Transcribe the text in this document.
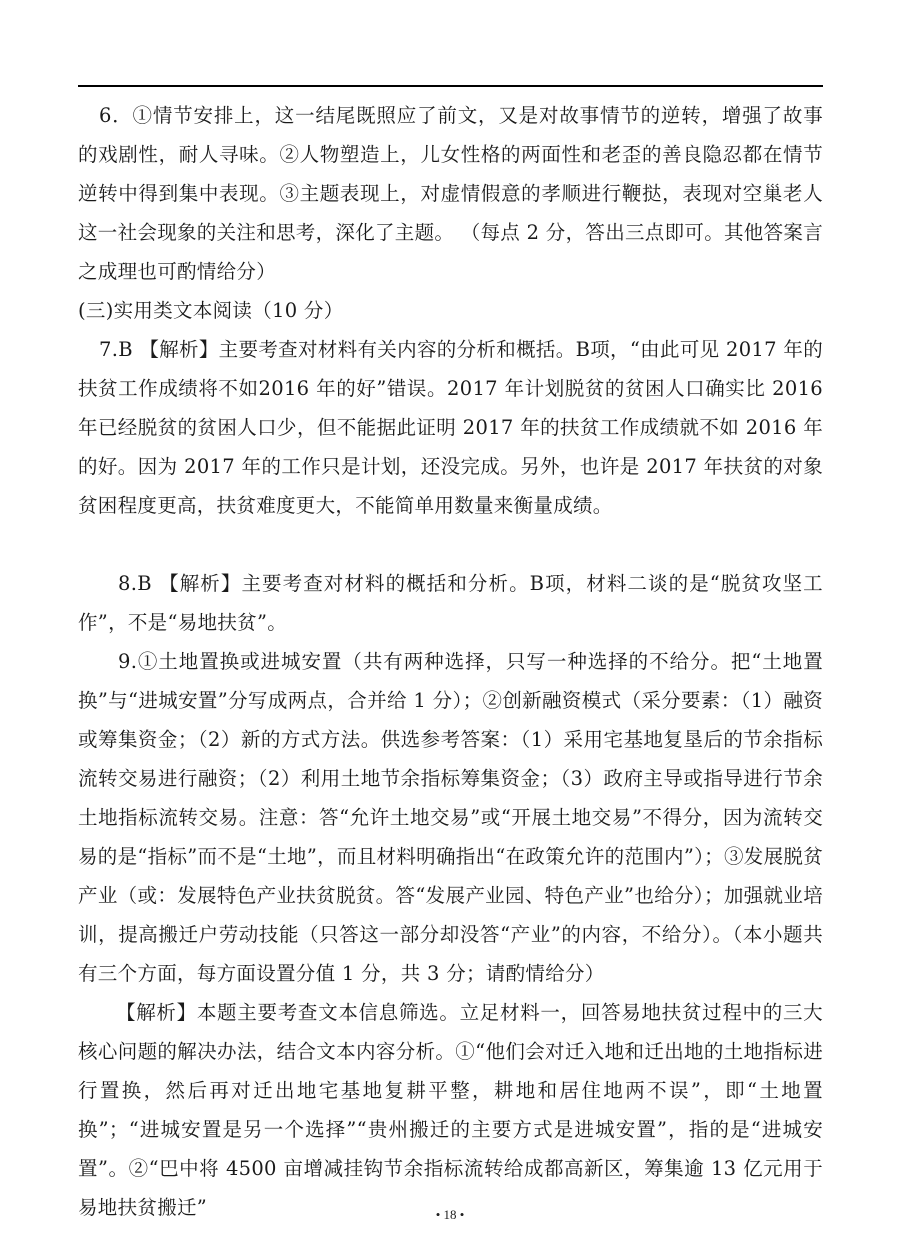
6．①情节安排上，这一结尾既照应了前文，又是对故事情节的逆转，增强了故事的戏剧性，耐人寻味。②人物塑造上，儿女性格的两面性和老歪的善良隐忍都在情节逆转中得到集中表现。③主题表现上，对虚情假意的孝顺进行鞭挞，表现对空巢老人这一社会现象的关注和思考，深化了主题。 （每点 2 分，答出三点即可。其他答案言之成理也可酌情给分）

(三)实用类文本阅读（10 分）

7.B 【解析】主要考查对材料有关内容的分析和概括。B项，“由此可见 2017 年的扶贫工作成绩将不如2016 年的好”错误。2017 年计划脱贫的贫困人口确实比 2016 年已经脱贫的贫困人口少，但不能据此证明 2017 年的扶贫工作成绩就不如 2016 年的好。因为 2017 年的工作只是计划，还没完成。另外，也许是 2017 年扶贫的对象贫困程度更高，扶贫难度更大，不能简单用数量来衡量成绩。

8.B 【解析】主要考查对材料的概括和分析。B项，材料二谈的是“脱贫攻坚工作”，不是“易地扶贫”。

9.①土地置换或进城安置（共有两种选择，只写一种选择的不给分。把“土地置换”与“进城安置”分写成两点，合并给 1 分）；②创新融资模式（采分要素：（1）融资或筹集资金；（2）新的方式方法。供选参考答案：（1）采用宅基地复垦后的节余指标流转交易进行融资；（2）利用土地节余指标筹集资金；（3）政府主导或指导进行节余土地指标流转交易。注意：答“允许土地交易”或“开展土地交易”不得分，因为流转交易的是“指标”而不是“土地”，而且材料明确指出“在政策允许的范围内”）；③发展脱贫产业（或：发展特色产业扶贫脱贫。答“发展产业园、特色产业”也给分）；加强就业培训，提高搬迁户劳动技能（只答这一部分却没答“产业”的内容，不给分）。（本小题共有三个方面，每方面设置分值 1 分，共 3 分；请酌情给分）

【解析】本题主要考查文本信息筛选。立足材料一，回答易地扶贫过程中的三大核心问题的解决办法，结合文本内容分析。①“他们会对迁入地和迁出地的土地指标进行置换，然后再对迁出地宅基地复耕平整，耕地和居住地两不误”，即“土地置换”；“进城安置是另一个选择”“贵州搬迁的主要方式是进城安置”，指的是“进城安置”。②“巴中将 4500 亩增减挂钩节余指标流转给成都高新区，筹集逾 13 亿元用于易地扶贫搬迁”	• 18 •
